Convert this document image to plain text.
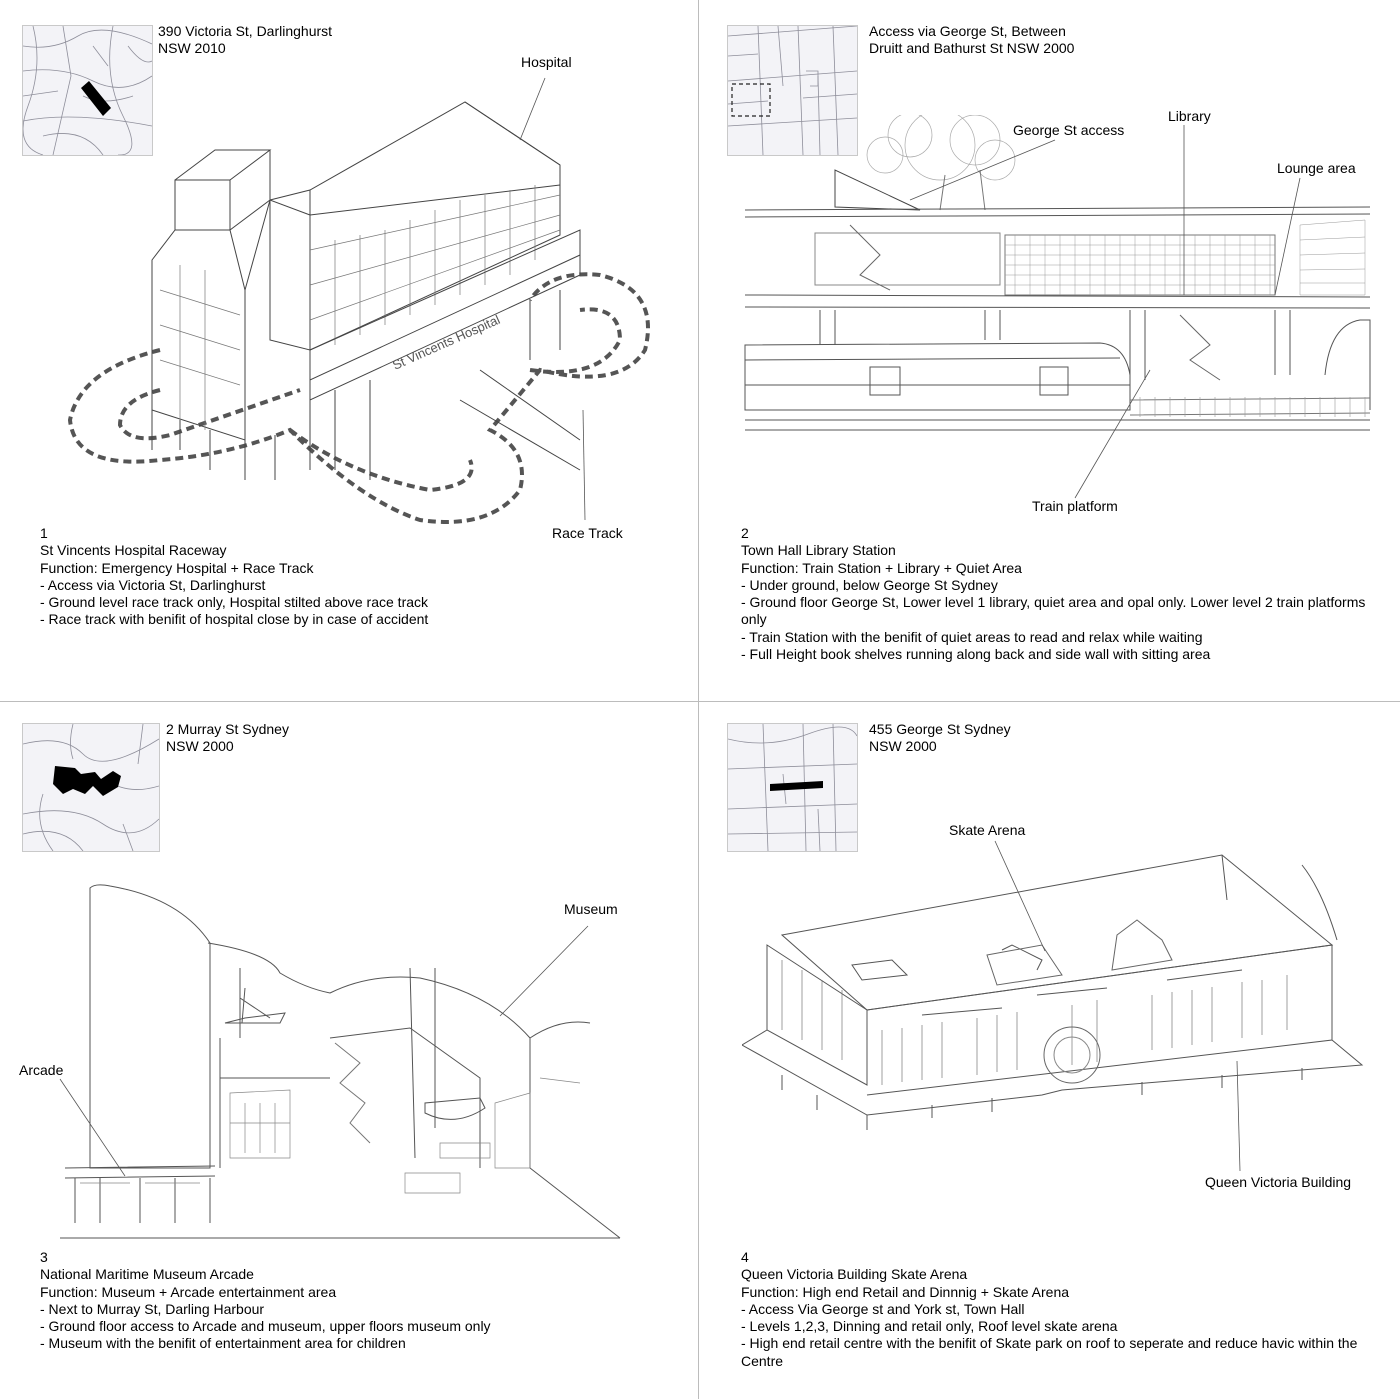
390 Victoria St, Darlinghurst
NSW 2010
St Vincents Hospital
Hospital
Race Track
1
St Vincents Hospital Raceway
Function: Emergency Hospital + Race Track
- Access via Victoria St, Darlinghurst
- Ground level race track only, Hospital stilted above race track
- Race track with benifit of hospital close by in case of accident
Access via George St, Between
Druitt and Bathurst St NSW 2000
George St access
Library
Lounge area
Train platform
2
Town Hall Library Station
Function: Train Station + Library + Quiet Area
- Under ground, below George St Sydney
- Ground floor George St, Lower level 1 library, quiet area and opal only. Lower level 2 train platforms only
- Train Station with the benifit of quiet areas to read and relax while waiting
- Full Height book shelves running along back and side wall with sitting area
2 Murray St Sydney
NSW 2000
Museum
Arcade
3
National Maritime Museum Arcade
Function: Museum + Arcade entertainment area
- Next to Murray St, Darling Harbour
- Ground floor access to Arcade and museum, upper floors museum only
- Museum with the benifit of entertainment area for children
455 George St Sydney
NSW 2000
Skate Arena
Queen Victoria Building
4
Queen Victoria Building Skate Arena
Function: High end Retail and Dinnnig + Skate Arena
- Access Via George st and York st, Town Hall
- Levels 1,2,3, Dinning and retail only, Roof level skate arena
- High end retail centre with the benifit of Skate park on roof to seperate and reduce havic within the Centre
